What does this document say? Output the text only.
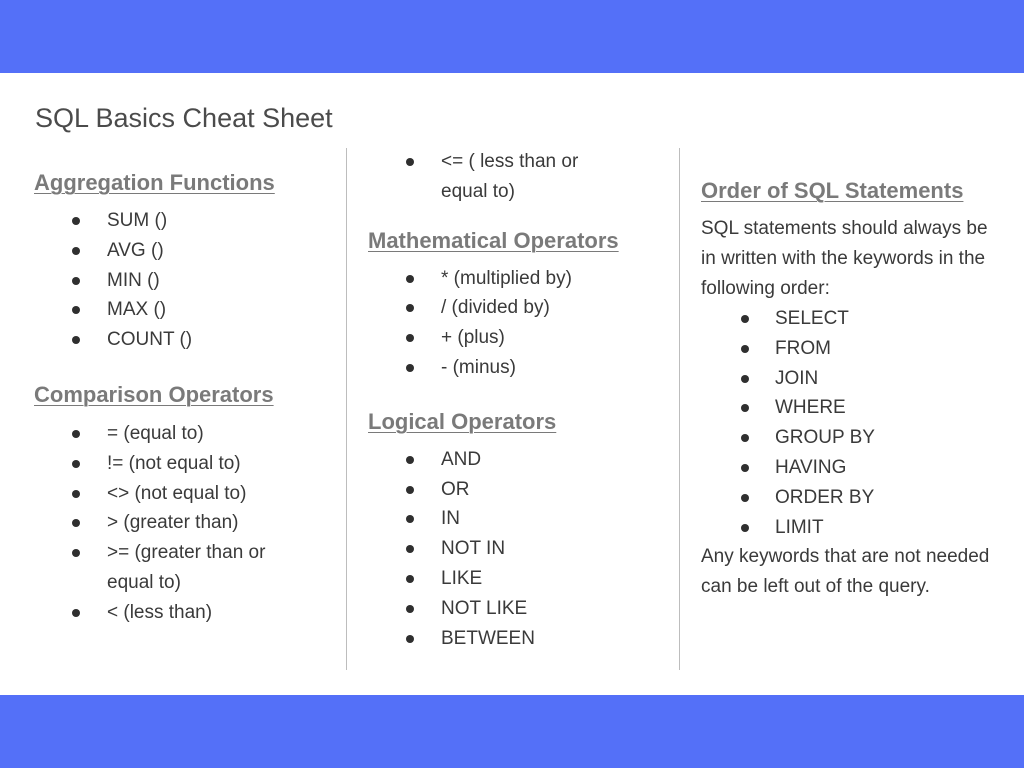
SQL Basics Cheat Sheet
Aggregation Functions
SUM ()
AVG ()
MIN ()
MAX ()
COUNT ()
Comparison Operators
= (equal to)
!= (not equal to)
<> (not equal to)
> (greater than)
>= (greater than or equal to)
< (less than)
<= ( less than or equal to)
Mathematical Operators
* (multiplied by)
/ (divided by)
+ (plus)
- (minus)
Logical Operators
AND
OR
IN
NOT IN
LIKE
NOT LIKE
BETWEEN
Order of SQL Statements

SQL statements should always be in written with the keywords in the following order:

SELECT
FROM
JOIN
WHERE
GROUP BY
HAVING
ORDER BY
LIMIT

Any keywords that are not needed can be left out of the query.
